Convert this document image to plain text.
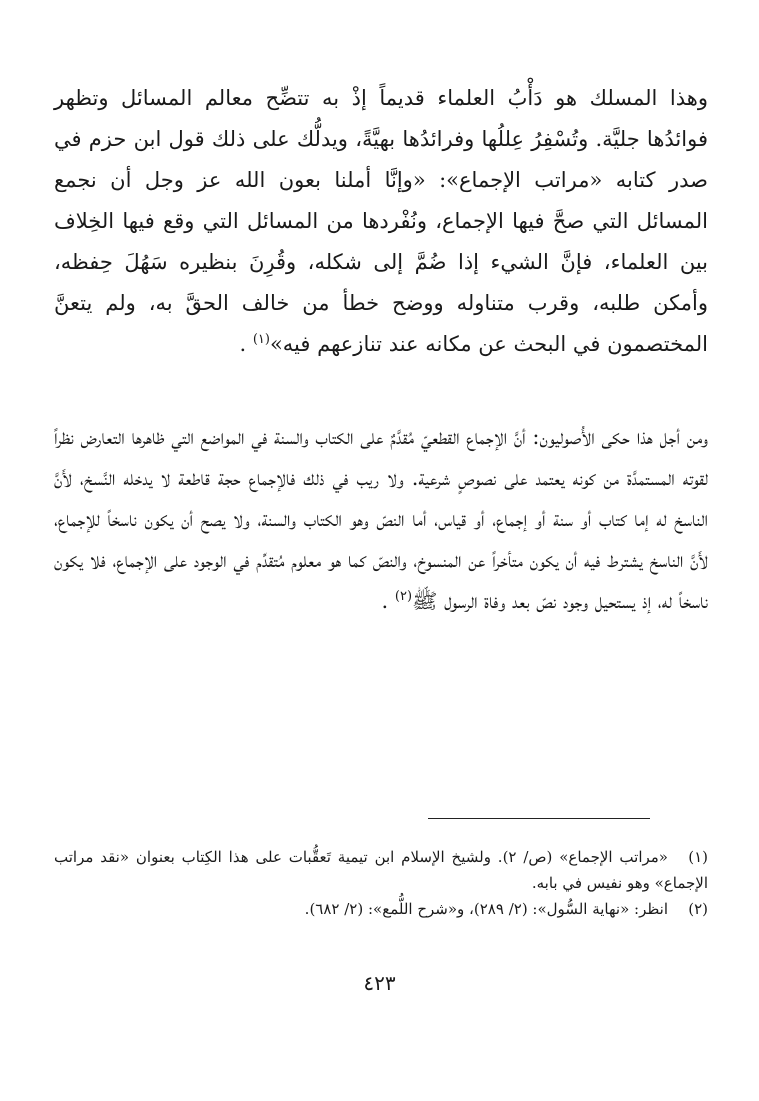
وهذا المسلك هو دَأْبُ العلماء قديماً إذْ به تتضِّح معالم المسائل وتظهر فوائدُها جليَّة. وتُسْفِرُ عِللُها وفرائدُها بهيَّةً، ويدلُّك على ذلك قول ابن حزم في صدر كتابه «مراتب الإجماع»: «وإنَّا أملنا بعون الله عز وجل أن نجمع المسائل التي صحَّ فيها الإجماع، ونُفْردها من المسائل التي وقع فيها الخِلاف بين العلماء، فإنَّ الشيء إذا ضُمَّ إلى شكله، وقُرِنَ بنظيره سَهُلَ حِفظه، وأمكن طلبه، وقرب متناوله ووضح خطأ من خالف الحقَّ به، ولم يتعنَّ المختصمون في البحث عن مكانه عند تنازعهم فيه»$^{(١)}$ .

ومن أجل هذا حكى الأُصوليون: أنَّ الإجماع القطعيّ مُقدَّمٌ على الكتاب والسنة في المواضع التي ظاهرها التعارض نظراً لقوته المستمدَّة من كونه يعتمد على نصوصٍ شرعية. ولا ريب في ذلك فالإجماع حجة قاطعة لا يدخله النَّسخ، لأَنَّ الناسخ له إما كتاب أو سنة أو إجماع، أو قياس، أما النصّ وهو الكتاب والسنة، ولا يصح أن يكون ناسخاً للإجماع، لأَنَّ الناسخ يشترط فيه أن يكون متأخراً عن المنسوخ، والنصّ كما هو معلوم مُتقدِّم في الوجود على الإجماع، فلا يكون ناسخاً له، إذ يستحيل وجود نصّ بعد وفاة الرسول ﷺ$^{(٢)}$ .

(١)«مراتب الإجماع» (ص/ ٢). ولشيخ الإسلام ابن تيمية تَعقُّبات على هذا الكِتاب بعنوان «نقد مراتب الإجماع» وهو نفيس في بابه.

(٢)انظر: «نهاية السُّول»: (٢/ ٢٨٩)، و«شرح اللُّمع»: (٢/ ٦٨٢).

٤٢٣
